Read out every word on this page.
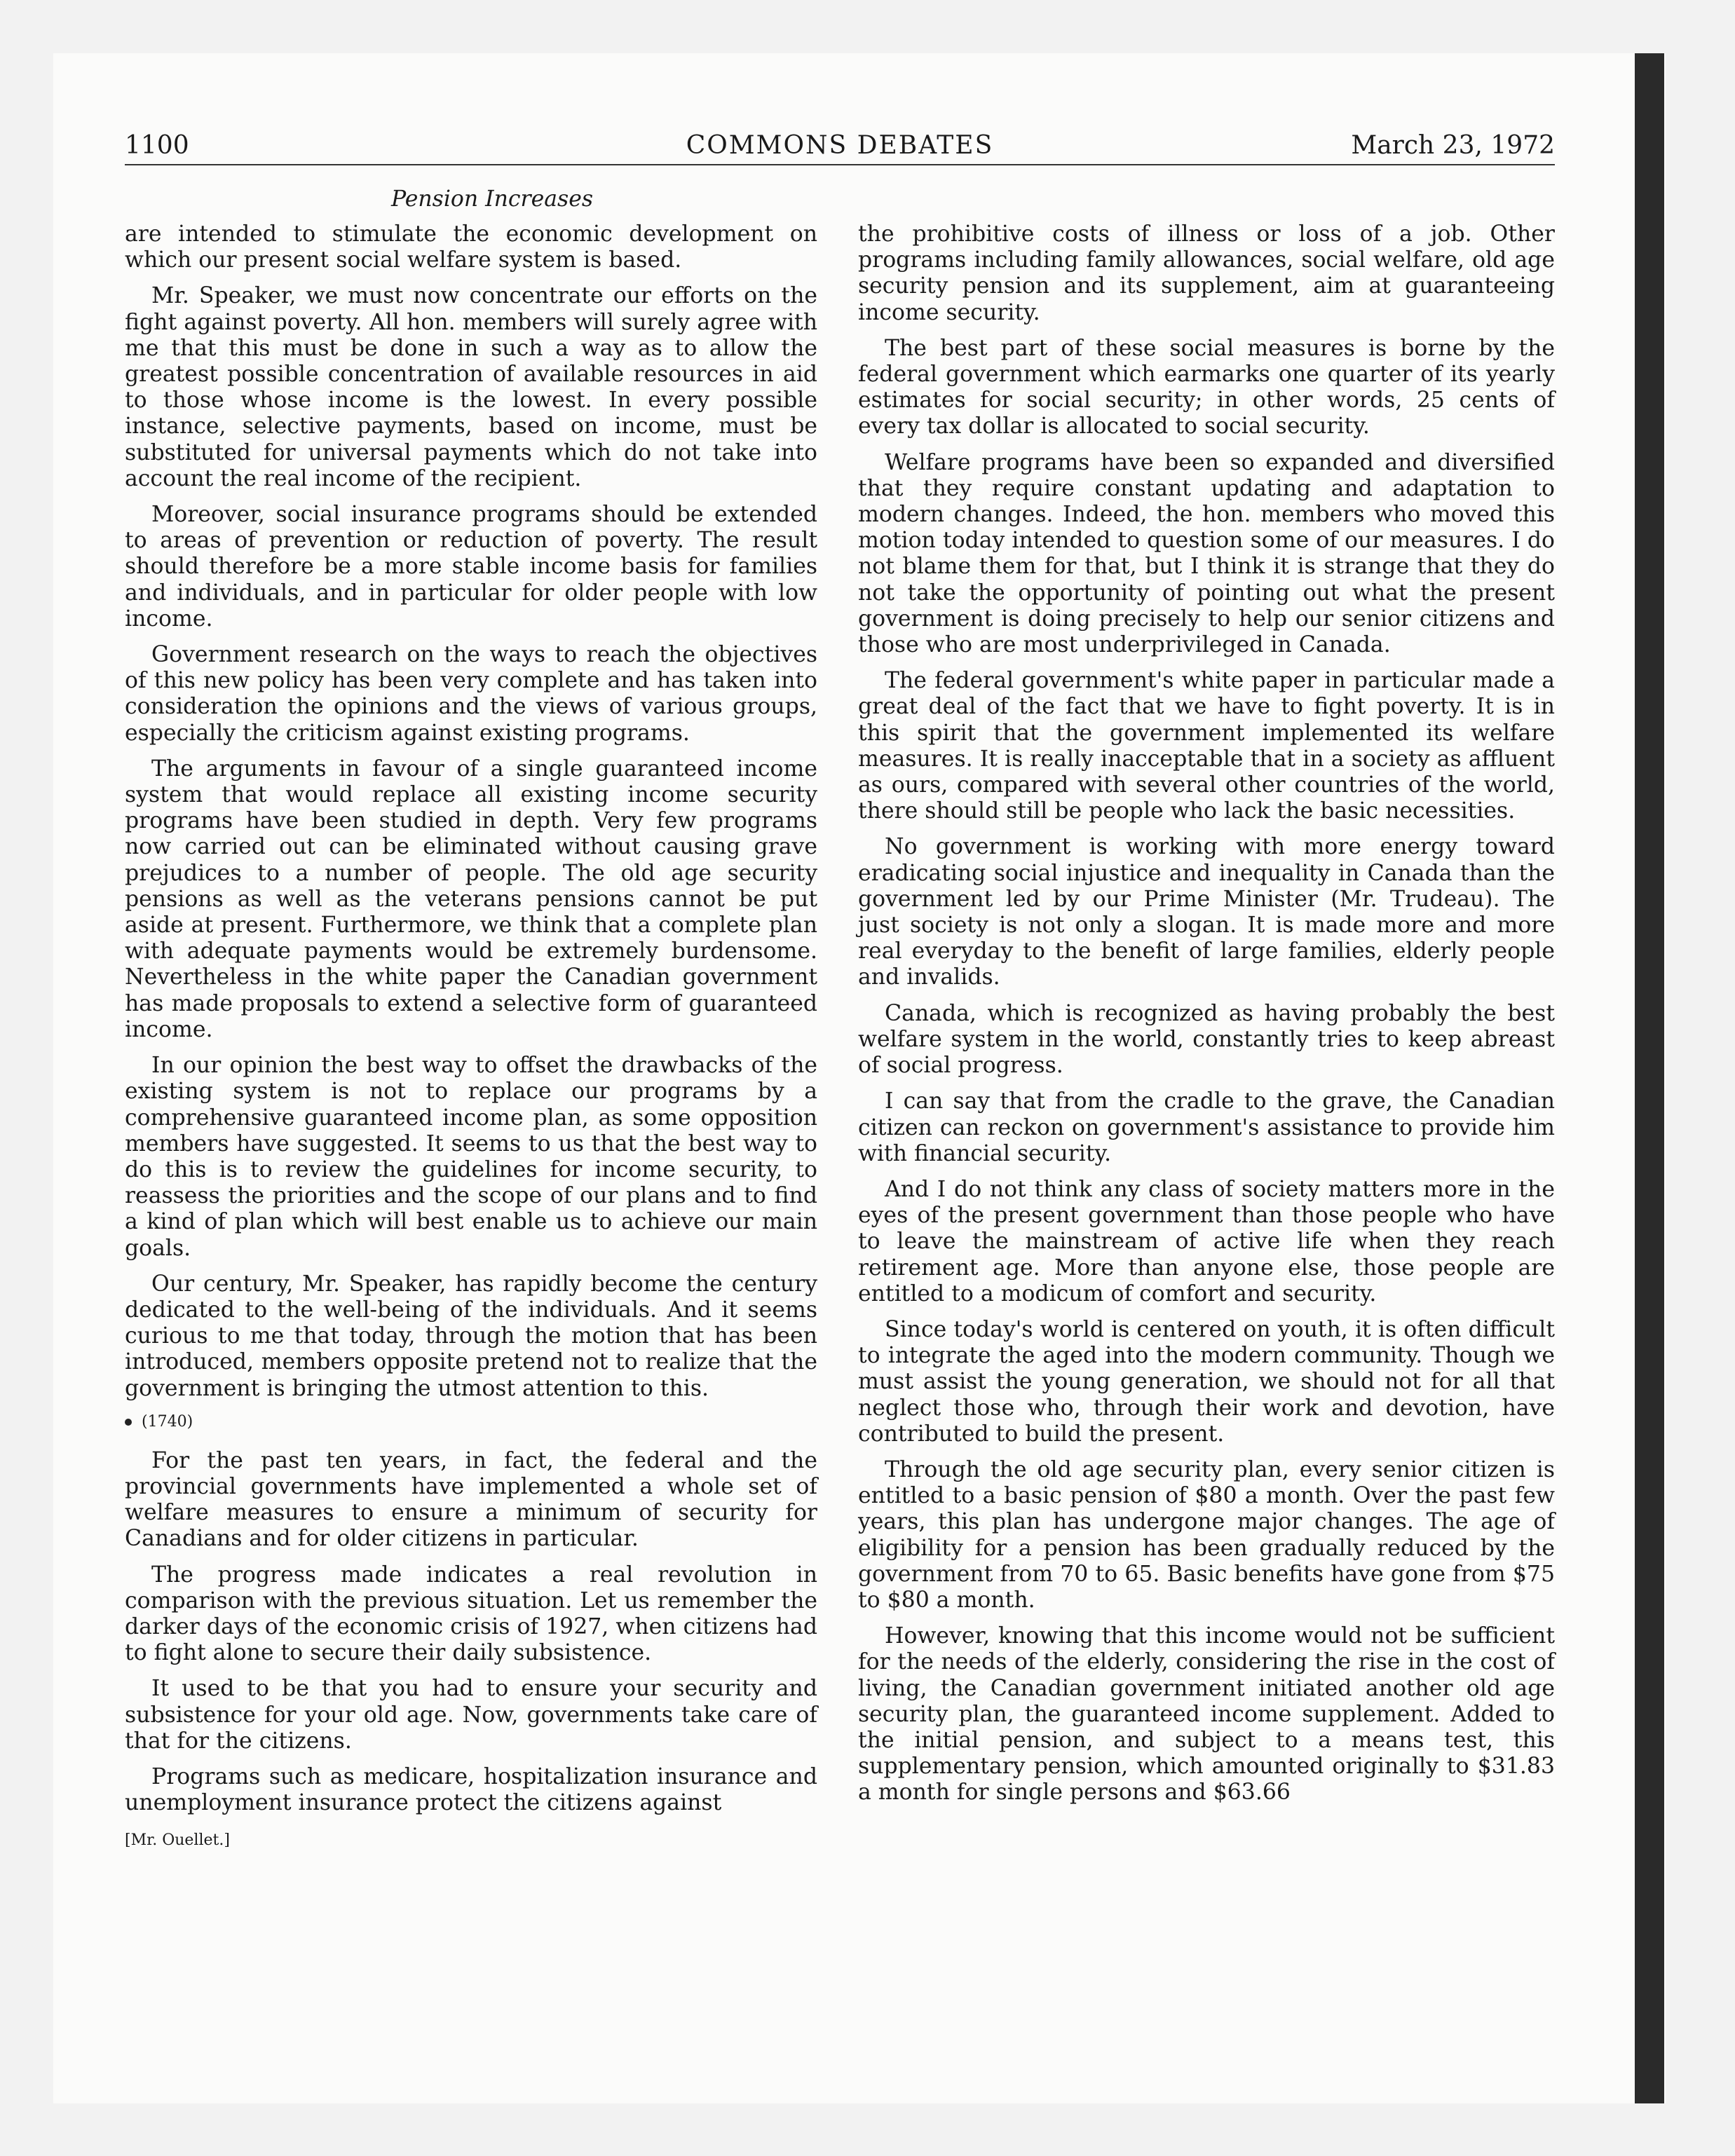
COMMONS DEBATES
1100	March 23, 1972
Pension Increases

are intended to stimulate the economic development on which our present social welfare system is based.

Mr. Speaker, we must now concentrate our efforts on the fight against poverty. All hon. members will surely agree with me that this must be done in such a way as to allow the greatest possible concentration of available resources in aid to those whose income is the lowest. In every possible instance, selective payments, based on income, must be substituted for universal payments which do not take into account the real income of the recipient.

Moreover, social insurance programs should be extended to areas of prevention or reduction of poverty. The result should therefore be a more stable income basis for families and individuals, and in particular for older people with low income.

Government research on the ways to reach the objectives of this new policy has been very complete and has taken into consideration the opinions and the views of various groups, especially the criticism against existing programs.

The arguments in favour of a single guaranteed income system that would replace all existing income security programs have been studied in depth. Very few programs now carried out can be eliminated without causing grave prejudices to a number of people. The old age security pensions as well as the veterans pensions cannot be put aside at present. Furthermore, we think that a complete plan with adequate payments would be extremely burdensome. Nevertheless in the white paper the Canadian government has made proposals to extend a selective form of guaranteed income.

In our opinion the best way to offset the drawbacks of the existing system is not to replace our programs by a comprehensive guaranteed income plan, as some opposition members have suggested. It seems to us that the best way to do this is to review the guidelines for income security, to reassess the priorities and the scope of our plans and to find a kind of plan which will best enable us to achieve our main goals.

Our century, Mr. Speaker, has rapidly become the century dedicated to the well-being of the individuals. And it seems curious to me that today, through the motion that has been introduced, members opposite pretend not to realize that the government is bringing the utmost attention to this.

(1740)

For the past ten years, in fact, the federal and the provincial governments have implemented a whole set of welfare measures to ensure a minimum of security for Canadians and for older citizens in particular.

The progress made indicates a real revolution in comparison with the previous situation. Let us remember the darker days of the economic crisis of 1927, when citizens had to fight alone to secure their daily subsistence.

It used to be that you had to ensure your security and subsistence for your old age. Now, governments take care of that for the citizens.

Programs such as medicare, hospitalization insurance and unemployment insurance protect the citizens against

[Mr. Ouellet.]

the prohibitive costs of illness or loss of a job. Other programs including family allowances, social welfare, old age security pension and its supplement, aim at guaranteeing income security.

The best part of these social measures is borne by the federal government which earmarks one quarter of its yearly estimates for social security; in other words, 25 cents of every tax dollar is allocated to social security.

Welfare programs have been so expanded and diversified that they require constant updating and adaptation to modern changes. Indeed, the hon. members who moved this motion today intended to question some of our measures. I do not blame them for that, but I think it is strange that they do not take the opportunity of pointing out what the present government is doing precisely to help our senior citizens and those who are most underprivileged in Canada.

The federal government's white paper in particular made a great deal of the fact that we have to fight poverty. It is in this spirit that the government implemented its welfare measures. It is really inacceptable that in a society as affluent as ours, compared with several other countries of the world, there should still be people who lack the basic necessities.

No government is working with more energy toward eradicating social injustice and inequality in Canada than the government led by our Prime Minister (Mr. Trudeau). The just society is not only a slogan. It is made more and more real everyday to the benefit of large families, elderly people and invalids.

Canada, which is recognized as having probably the best welfare system in the world, constantly tries to keep abreast of social progress.

I can say that from the cradle to the grave, the Canadian citizen can reckon on government's assistance to provide him with financial security.

And I do not think any class of society matters more in the eyes of the present government than those people who have to leave the mainstream of active life when they reach retirement age. More than anyone else, those people are entitled to a modicum of comfort and security.

Since today's world is centered on youth, it is often difficult to integrate the aged into the modern community. Though we must assist the young generation, we should not for all that neglect those who, through their work and devotion, have contributed to build the present.

Through the old age security plan, every senior citizen is entitled to a basic pension of $80 a month. Over the past few years, this plan has undergone major changes. The age of eligibility for a pension has been gradually reduced by the government from 70 to 65. Basic benefits have gone from $75 to $80 a month.

However, knowing that this income would not be sufficient for the needs of the elderly, considering the rise in the cost of living, the Canadian government initiated another old age security plan, the guaranteed income supplement. Added to the initial pension, and subject to a means test, this supplementary pension, which amounted originally to $31.83 a month for single persons and $63.66
